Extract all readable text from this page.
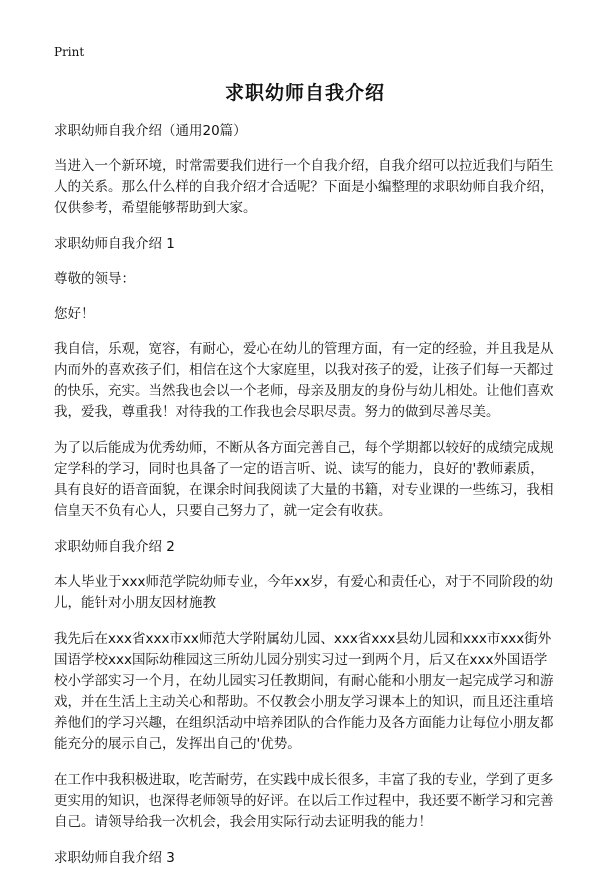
Print
求职幼师自我介绍

求职幼师自我介绍（通用20篇）

当进入一个新环境，时常需要我们进行一个自我介绍，自我介绍可以拉近我们与陌生人的关系。那么什么样的自我介绍才合适呢？下面是小编整理的求职幼师自我介绍，仅供参考，希望能够帮助到大家。

求职幼师自我介绍 1

尊敬的领导：

您好！

我自信，乐观，宽容，有耐心，爱心在幼儿的管理方面，有一定的经验，并且我是从内而外的喜欢孩子们，相信在这个大家庭里，以我对孩子的爱，让孩子们每一天都过的快乐，充实。当然我也会以一个老师，母亲及朋友的身份与幼儿相处。让他们喜欢我，爱我，尊重我！对待我的工作我也会尽职尽责。努力的做到尽善尽美。

为了以后能成为优秀幼师，不断从各方面完善自己，每个学期都以较好的成绩完成规定学科的学习，同时也具备了一定的语言听、说、读写的能力，良好的'教师素质，具有良好的语音面貌，在课余时间我阅读了大量的书籍，对专业课的一些练习，我相信皇天不负有心人，只要自己努力了，就一定会有收获。

求职幼师自我介绍 2

本人毕业于xxx师范学院幼师专业，今年xx岁，有爱心和责任心，对于不同阶段的幼儿，能针对小朋友因材施教

我先后在xxx省xxx市xx师范大学附属幼儿园、xxx省xxx县幼儿园和xxx市xxx街外国语学校xxx国际幼稚园这三所幼儿园分别实习过一到两个月，后又在xxx外国语学校小学部实习一个月，在幼儿园实习任教期间，有耐心能和小朋友一起完成学习和游戏，并在生活上主动关心和帮助。不仅教会小朋友学习课本上的知识，而且还注重培养他们的学习兴趣，在组织活动中培养团队的合作能力及各方面能力让每位小朋友都能充分的展示自己，发挥出自己的'优势。

在工作中我积极进取，吃苦耐劳，在实践中成长很多，丰富了我的专业，学到了更多更实用的知识，也深得老师领导的好评。在以后工作过程中，我还要不断学习和完善自己。请领导给我一次机会，我会用实际行动去证明我的能力！

求职幼师自我介绍 3
